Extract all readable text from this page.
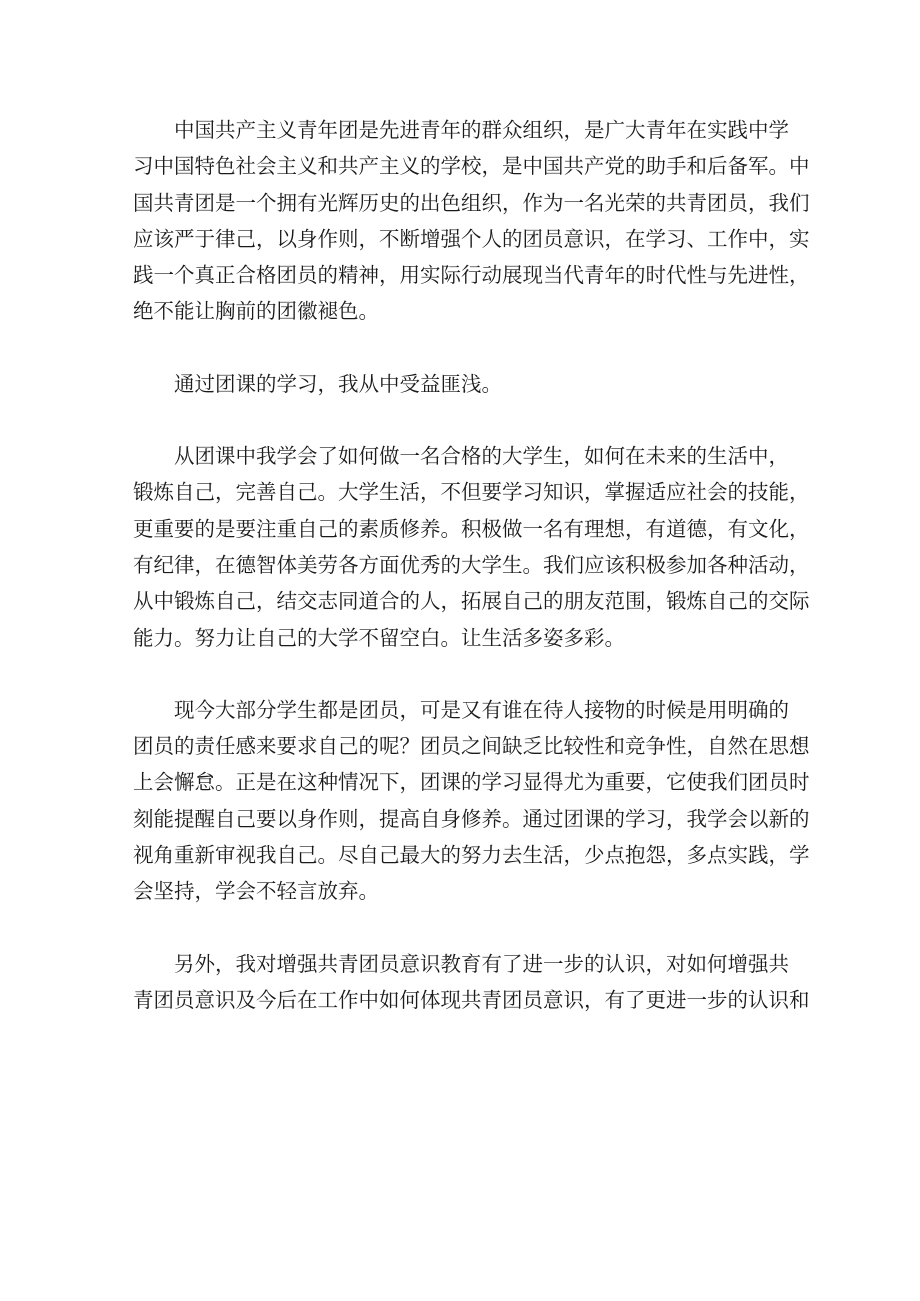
中国共产主义青年团是先进青年的群众组织，是广大青年在实践中学
习中国特色社会主义和共产主义的学校，是中国共产党的助手和后备军。中
国共青团是一个拥有光辉历史的出色组织，作为一名光荣的共青团员，我们
应该严于律己，以身作则，不断增强个人的团员意识，在学习、工作中，实
践一个真正合格团员的精神，用实际行动展现当代青年的时代性与先进性，
绝不能让胸前的团徽褪色。
通过团课的学习，我从中受益匪浅。
从团课中我学会了如何做一名合格的大学生，如何在未来的生活中，
锻炼自己，完善自己。大学生活，不但要学习知识，掌握适应社会的技能，
更重要的是要注重自己的素质修养。积极做一名有理想，有道德，有文化，
有纪律，在德智体美劳各方面优秀的大学生。我们应该积极参加各种活动，
从中锻炼自己，结交志同道合的人，拓展自己的朋友范围，锻炼自己的交际
能力。努力让自己的大学不留空白。让生活多姿多彩。
现今大部分学生都是团员，可是又有谁在待人接物的时候是用明确的
团员的责任感来要求自己的呢？团员之间缺乏比较性和竞争性，自然在思想
上会懈怠。正是在这种情况下，团课的学习显得尤为重要，它使我们团员时
刻能提醒自己要以身作则，提高自身修养。通过团课的学习，我学会以新的
视角重新审视我自己。尽自己最大的努力去生活，少点抱怨，多点实践，学
会坚持，学会不轻言放弃。
另外，我对增强共青团员意识教育有了进一步的认识，对如何增强共
青团员意识及今后在工作中如何体现共青团员意识，有了更进一步的认识和
